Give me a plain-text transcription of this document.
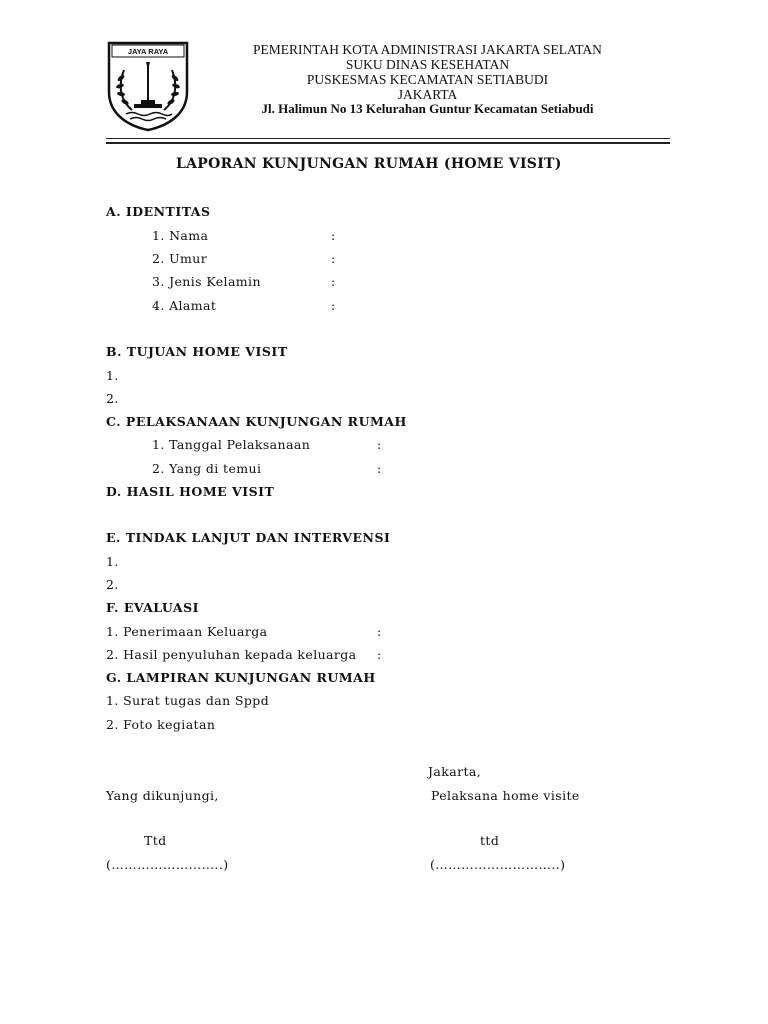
JAYA RAYA	PEMERINTAH KOTA ADMINISTRASI JAKARTA SELATAN
SUKU DINAS KESEHATAN
PUSKESMAS KECAMATAN SETIABUDI
JAKARTA
Jl. Halimun No 13 Kelurahan Guntur Kecamatan Setiabudi
LAPORAN KUNJUNGAN RUMAH (HOME VISIT)
A. IDENTITAS
1. Nama	:
2. Umur	:
3. Jenis Kelamin	:
4. Alamat	:
B. TUJUAN HOME VISIT
1.
2.
C. PELAKSANAAN KUNJUNGAN RUMAH
1. Tanggal Pelaksanaan	:
2. Yang di temui	:
D. HASIL HOME VISIT
E. TINDAK LANJUT DAN INTERVENSI
1.
2.
F. EVALUASI
1. Penerimaan Keluarga	:
2. Hasil penyuluhan kepada keluarga :
G. LAMPIRAN KUNJUNGAN RUMAH
1. Surat tugas dan Sppd
2. Foto kegiatan
Jakarta,
Yang dikunjungi,	Pelaksana home visite
Ttd	ttd
(……………………..)	(………………………..)
